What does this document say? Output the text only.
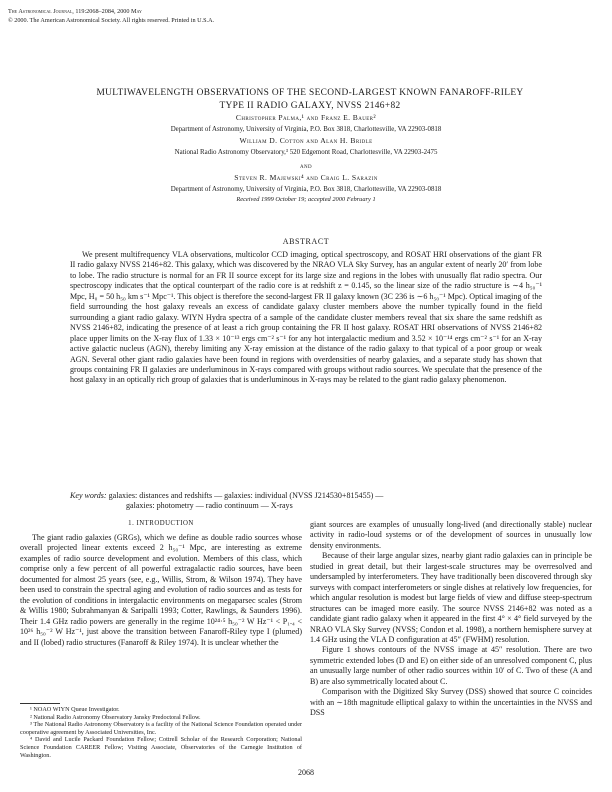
The Astronomical Journal, 119:2068–2084, 2000 May
© 2000. The American Astronomical Society. All rights reserved. Printed in U.S.A.
MULTIWAVELENGTH OBSERVATIONS OF THE SECOND-LARGEST KNOWN FANAROFF-RILEY
TYPE II RADIO GALAXY, NVSS 2146+82
Christopher Palma,¹ and Franz E. Bauer²
Department of Astronomy, University of Virginia, P.O. Box 3818, Charlottesville, VA 22903-0818
William D. Cotton and Alan H. Bridle
National Radio Astronomy Observatory,³ 520 Edgemont Road, Charlottesville, VA 22903-2475
and
Steven R. Majewski⁴ and Craig L. Sarazin
Department of Astronomy, University of Virginia, P.O. Box 3818, Charlottesville, VA 22903-0818
Received 1999 October 19; accepted 2000 February 1
ABSTRACT

We present multifrequency VLA observations, multicolor CCD imaging, optical spectroscopy, and ROSAT HRI observations of the giant FR II radio galaxy NVSS 2146+82. This galaxy, which was discovered by the NRAO VLA Sky Survey, has an angular extent of nearly 20′ from lobe to lobe. The radio structure is normal for an FR II source except for its large size and regions in the lobes with unusually flat radio spectra. Our spectroscopy indicates that the optical counterpart of the radio core is at redshift z = 0.145, so the linear size of the radio structure is ∼4 h₅₀⁻¹ Mpc, H₀ = 50 h₅₀ km s⁻¹ Mpc⁻¹. This object is therefore the second-largest FR II galaxy known (3C 236 is ∼6 h₅₀⁻¹ Mpc). Optical imaging of the field surrounding the host galaxy reveals an excess of candidate galaxy cluster members above the number typically found in the field surrounding a giant radio galaxy. WIYN Hydra spectra of a sample of the candidate cluster members reveal that six share the same redshift as NVSS 2146+82, indicating the presence of at least a rich group containing the FR II host galaxy. ROSAT HRI observations of NVSS 2146+82 place upper limits on the X-ray flux of 1.33 × 10⁻¹³ ergs cm⁻² s⁻¹ for any hot intergalactic medium and 3.52 × 10⁻¹⁴ ergs cm⁻² s⁻¹ for an X-ray active galactic nucleus (AGN), thereby limiting any X-ray emission at the distance of the radio galaxy to that typical of a poor group or weak AGN. Several other giant radio galaxies have been found in regions with overdensities of nearby galaxies, and a separate study has shown that groups containing FR II galaxies are underluminous in X-rays compared with groups without radio sources. We speculate that the presence of the host galaxy in an optically rich group of galaxies that is underluminous in X-rays may be related to the giant radio galaxy phenomenon.

Key words: galaxies: distances and redshifts — galaxies: individual (NVSS J214530+815455) —
galaxies: photometry — radio continuum — X-rays
1. INTRODUCTION

The giant radio galaxies (GRGs), which we define as double radio sources whose overall projected linear extents exceed 2 h₅₀⁻¹ Mpc, are interesting as extreme examples of radio source development and evolution. Members of this class, which comprise only a few percent of all powerful extragalactic radio sources, have been documented for almost 25 years (see, e.g., Willis, Strom, & Wilson 1974). They have been used to constrain the spectral aging and evolution of radio sources and as tests for the evolution of conditions in intergalactic environments on megaparsec scales (Strom & Willis 1980; Subrahmanyan & Saripalli 1993; Cotter, Rawlings, & Saunders 1996). Their 1.4 GHz radio powers are generally in the regime 10²⁴·⁵ h₅₀⁻² W Hz⁻¹ < P₁.₄ < 10²⁶ h₅₀⁻² W Hz⁻¹, just above the transition between Fanaroff-Riley type I (plumed) and II (lobed) radio structures (Fanaroff & Riley 1974). It is unclear whether the

¹ NOAO WIYN Queue Investigator.
² National Radio Astronomy Observatory Jansky Predoctoral Fellow.
³ The National Radio Astronomy Observatory is a facility of the National Science Foundation operated under cooperative agreement by Associated Universities, Inc.
⁴ David and Lucile Packard Foundation Fellow; Cottrell Scholar of the Research Corporation; National Science Foundation CAREER Fellow; Visiting Associate, Observatories of the Carnegie Institution of Washington.

giant sources are examples of unusually long-lived (and directionally stable) nuclear activity in radio-loud systems or of the development of sources in unusually low density environments.

Because of their large angular sizes, nearby giant radio galaxies can in principle be studied in great detail, but their largest-scale structures may be overresolved and undersampled by interferometers. They have traditionally been discovered through sky surveys with compact interferometers or single dishes at relatively low frequencies, for which angular resolution is modest but large fields of view and diffuse steep-spectrum structures can be imaged more easily. The source NVSS 2146+82 was noted as a candidate giant radio galaxy when it appeared in the first 4° × 4° field surveyed by the NRAO VLA Sky Survey (NVSS; Condon et al. 1998), a northern hemisphere survey at 1.4 GHz using the VLA D configuration at 45″ (FWHM) resolution.

Figure 1 shows contours of the NVSS image at 45″ resolution. There are two symmetric extended lobes (D and E) on either side of an unresolved component C, plus an unusually large number of other radio sources within 10′ of C. Two of these (A and B) are also symmetrically located about C.

Comparison with the Digitized Sky Survey (DSS) showed that source C coincides with an ∼18th magnitude elliptical galaxy to within the uncertainties in the NVSS and DSS

2068
